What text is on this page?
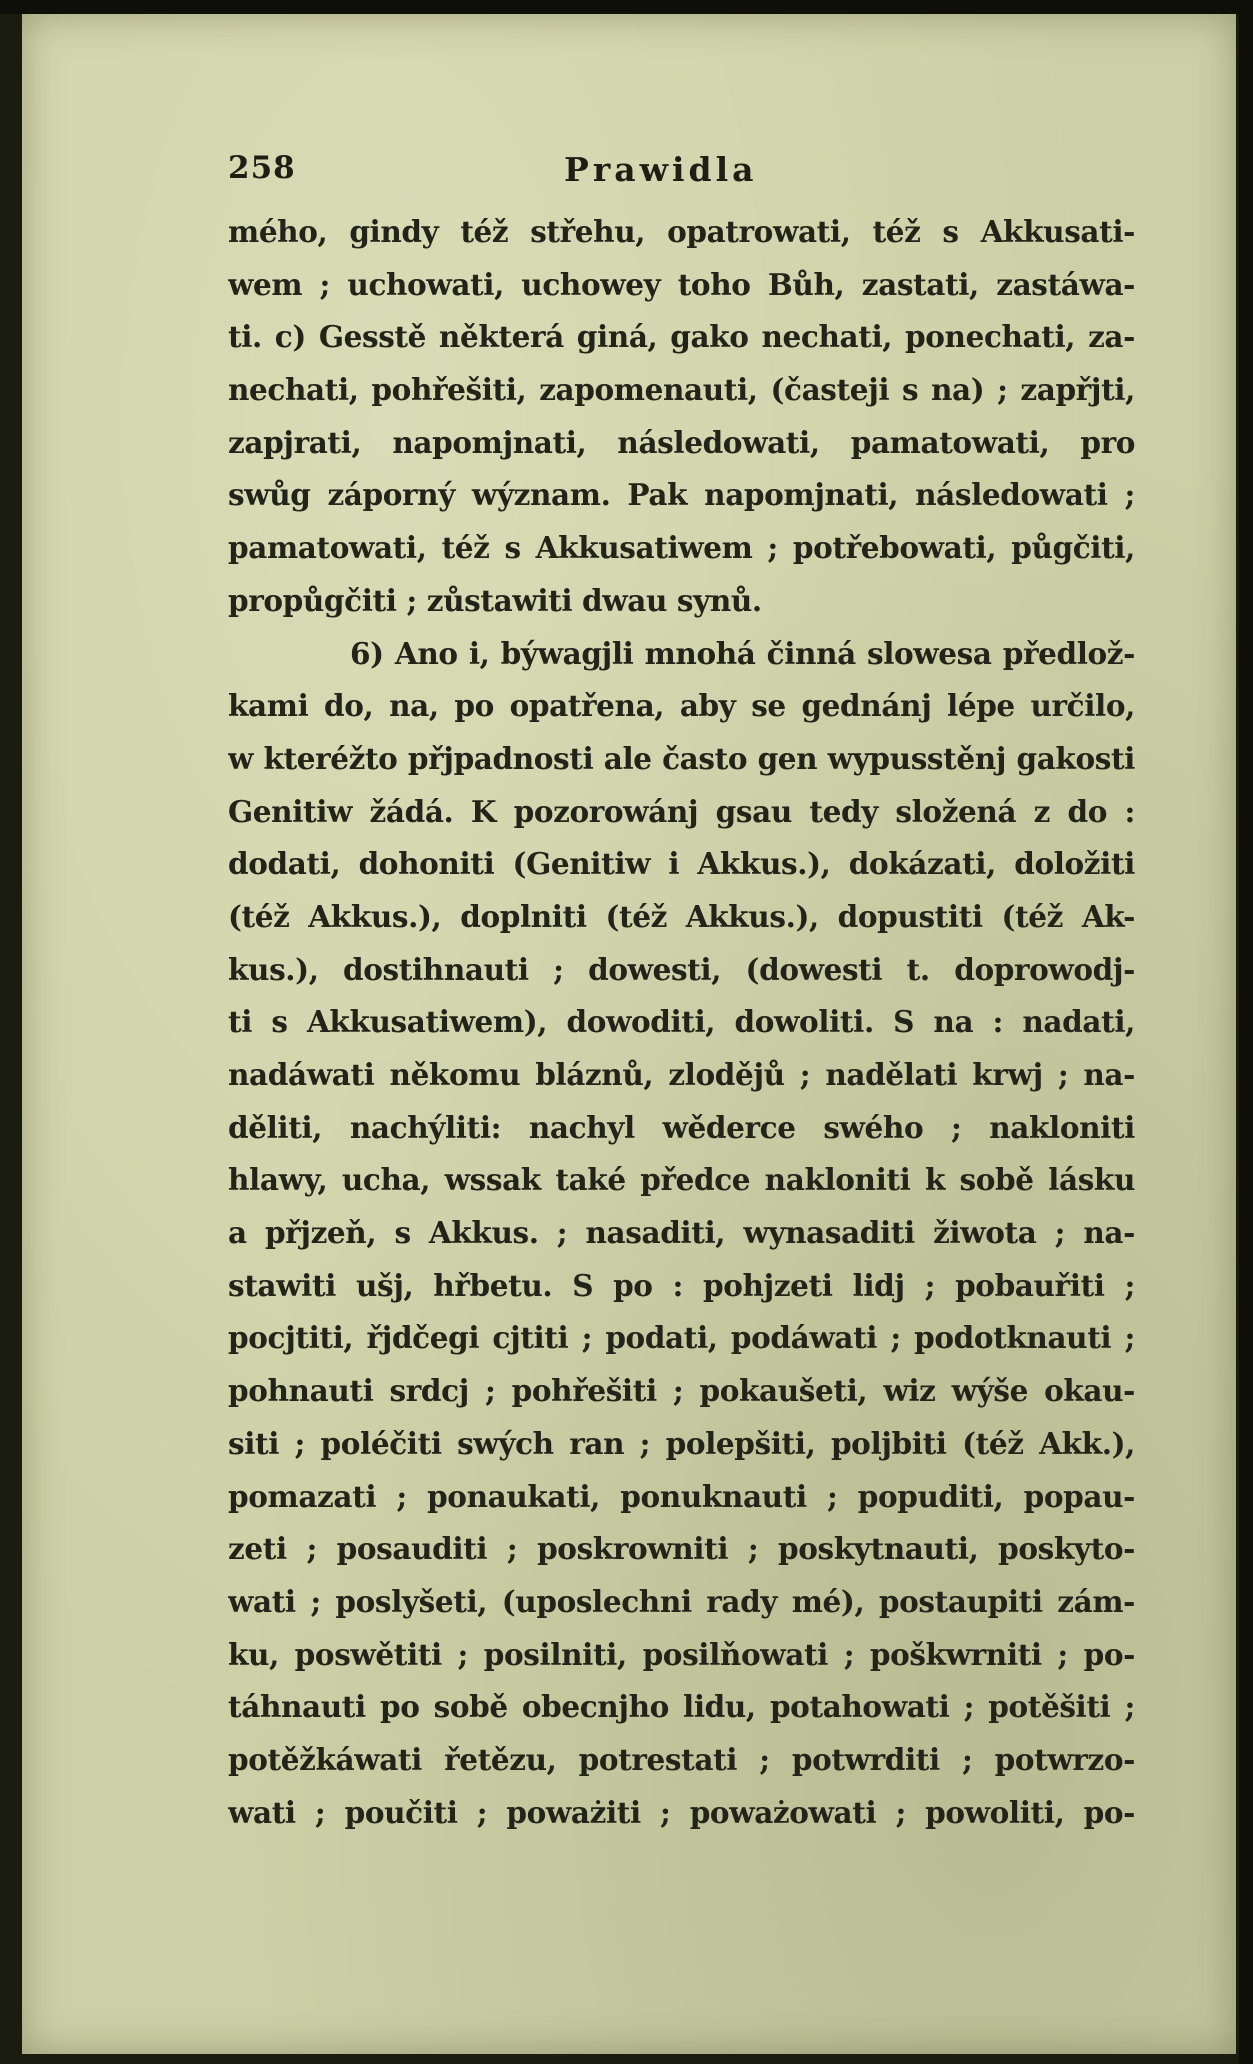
258	Prawidla
mého, gindy též střehu, opatrowati, též s Akkusati-
wem ; uchowati, uchowey toho Bůh, zastati, zastáwa-
ti. c) Gesstě některá giná, gako nechati, ponechati, za-
nechati, pohřešiti, zapomenauti, (časteji s na) ; zapřjti,
zapjrati, napomjnati, následowati, pamatowati, pro
swůg záporný wýznam. Pak napomjnati, následowati ;
pamatowati, též s Akkusatiwem ; potřebowati, půgčiti,
propůgčiti ; zůstawiti dwau synů.
6) Ano i, býwagjli mnohá činná slowesa předlož-
kami do, na, po opatřena, aby se gednánj lépe určilo,
w kteréžto přjpadnosti ale často gen wypusstěnj gakosti
Genitiw žádá. K pozorowánj gsau tedy složená z do :
dodati, dohoniti (Genitiw i Akkus.), dokázati, doložiti
(též Akkus.), doplniti (též Akkus.), dopustiti (též Ak-
kus.), dostihnauti ; dowesti, (dowesti t. doprowodj-
ti s Akkusatiwem), dowoditi, dowoliti. S na : nadati,
nadáwati někomu bláznů, zlodějů ; nadělati krwj ; na-
děliti, nachýliti: nachyl wěderce swého ; nakloniti
hlawy, ucha, wssak také předce nakloniti k sobě lásku
a přjzeň, s Akkus. ; nasaditi, wynasaditi žiwota ; na-
stawiti ušj, hřbetu. S po : pohjzeti lidj ; pobauřiti ;
pocjtiti, řjdčegi cjtiti ; podati, podáwati ; podotknauti ;
pohnauti srdcj ; pohřešiti ; pokaušeti, wiz wýše okau-
siti ; poléčiti swých ran ; polepšiti, poljbiti (též Akk.),
pomazati ; ponaukati, ponuknauti ; popuditi, popau-
zeti ; posauditi ; poskrowniti ; poskytnauti, poskyto-
wati ; poslyšeti, (uposlechni rady mé), postaupiti zám-
ku, poswětiti ; posilniti, posilňowati ; poškwrniti ; po-
táhnauti po sobě obecnjho lidu, potahowati ; potěšiti ;
potěžkáwati řetězu, potrestati ; potwrditi ; potwrzo-
wati ; poučiti ; poważiti ; poważowati ; powoliti, po-
